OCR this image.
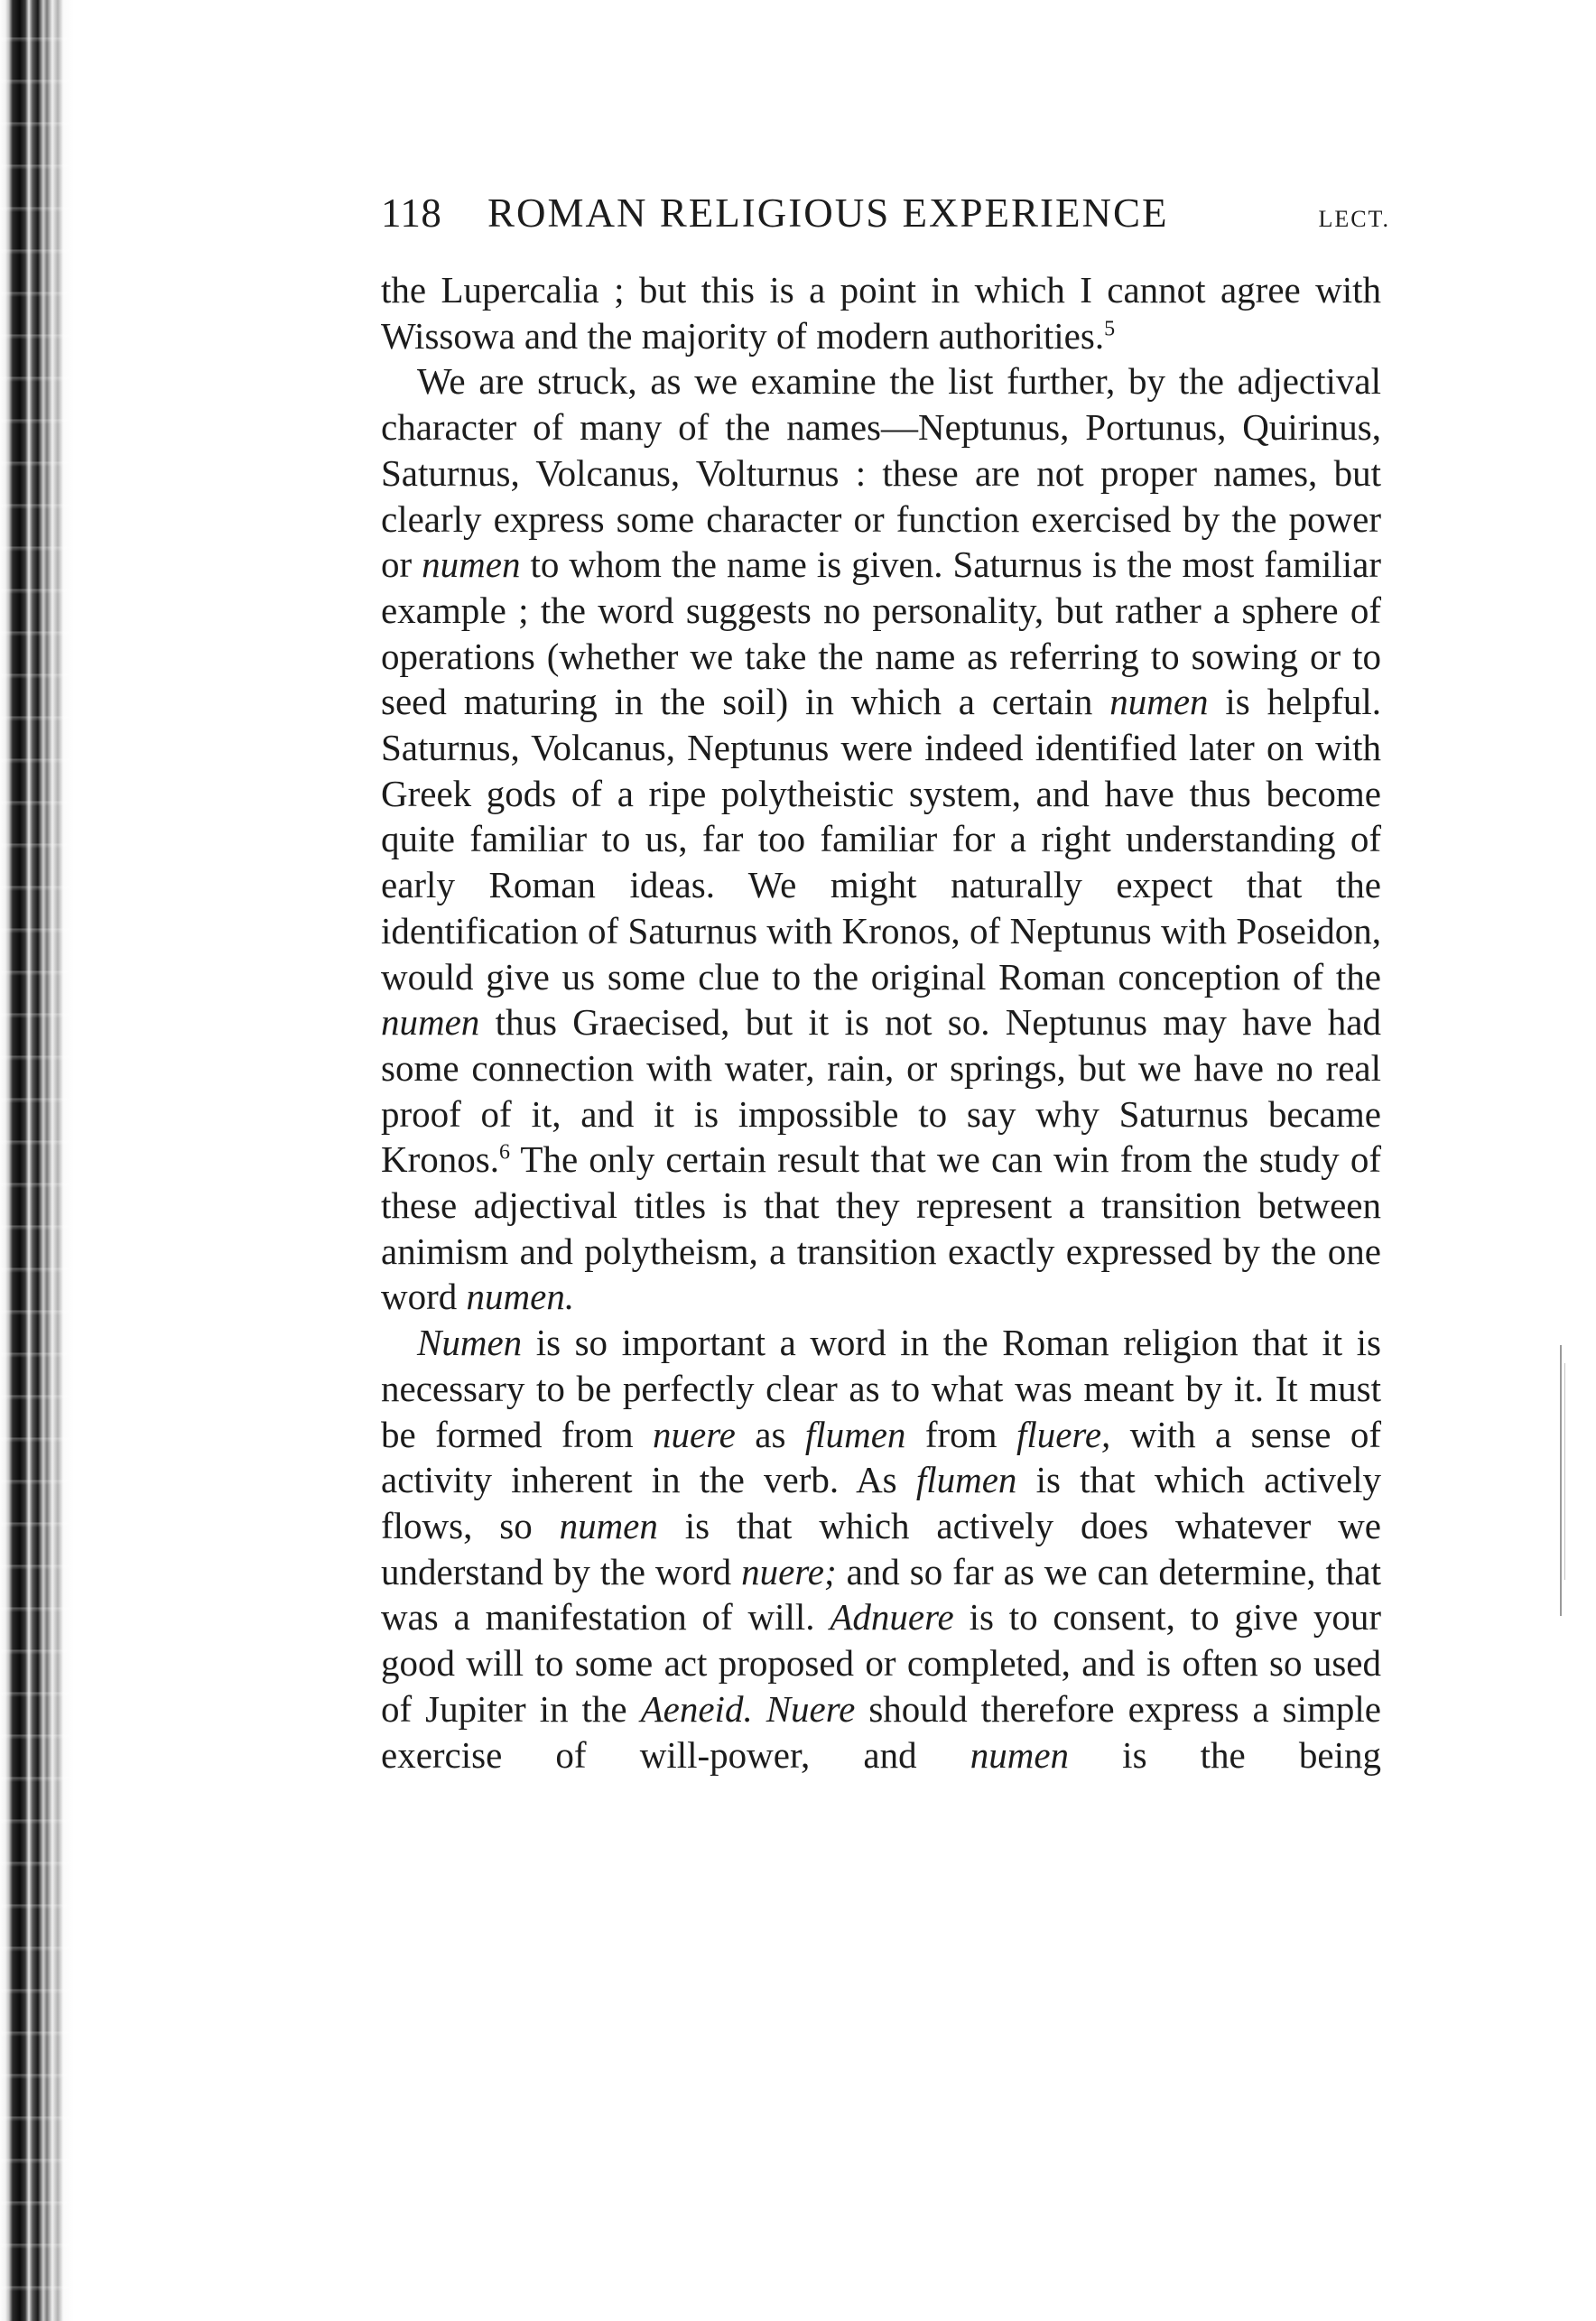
118	ROMAN RELIGIOUS EXPERIENCE	LECT.

the Lupercalia ; but this is a point in which I cannot agree with Wissowa and the majority of modern authorities.$^5$

We are struck, as we examine the list further, by the adjectival character of many of the names—Neptunus, Portunus, Quirinus, Saturnus, Volcanus, Volturnus : these are not proper names, but clearly express some character or function exercised by the power or numen to whom the name is given. Saturnus is the most familiar example ; the word suggests no personality, but rather a sphere of operations (whether we take the name as referring to sowing or to seed maturing in the soil) in which a certain numen is helpful. Saturnus, Volcanus, Neptunus were indeed identified later on with Greek gods of a ripe polytheistic system, and have thus become quite familiar to us, far too familiar for a right understanding of early Roman ideas. We might naturally expect that the identification of Saturnus with Kronos, of Neptunus with Poseidon, would give us some clue to the original Roman conception of the numen thus Graecised, but it is not so. Neptunus may have had some connection with water, rain, or springs, but we have no real proof of it, and it is impossible to say why Saturnus became Kronos.$^6$ The only certain result that we can win from the study of these adjectival titles is that they represent a transition between animism and polytheism, a transition exactly expressed by the one word numen.

Numen is so important a word in the Roman religion that it is necessary to be perfectly clear as to what was meant by it. It must be formed from nuere as flumen from fluere, with a sense of activity inherent in the verb. As flumen is that which actively flows, so numen is that which actively does whatever we understand by the word nuere; and so far as we can determine, that was a manifestation of will. Adnuere is to consent, to give your good will to some act proposed or completed, and is often so used of Jupiter in the Aeneid. Nuere should therefore express a simple exercise of will-power, and numen is the being
